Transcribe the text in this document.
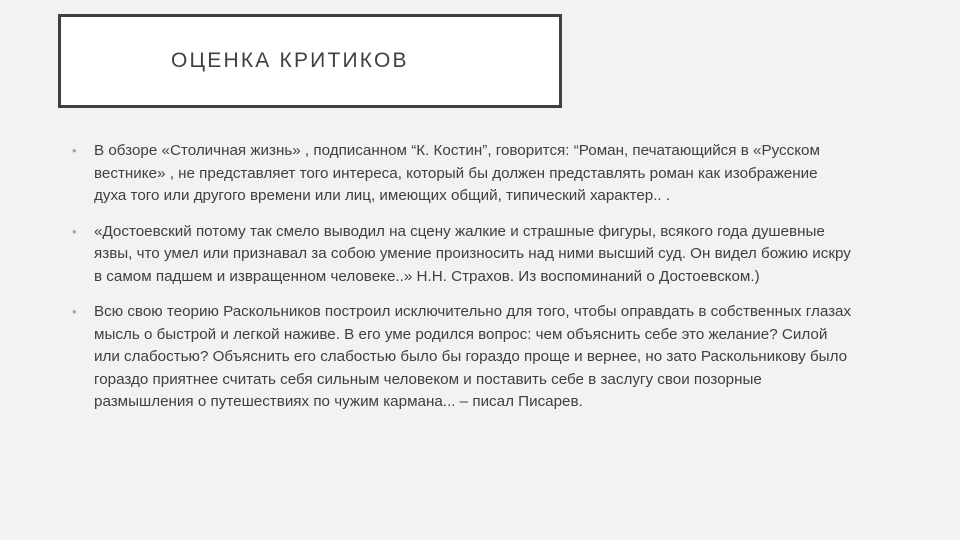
ОЦЕНКА КРИТИКОВ
• В обзоре «Столичная жизнь» , подписанном “К. Костин”, говорится: “Роман, печатающийся в «Русском вестнике» , не представляет того интереса, который бы должен представлять роман как изображение духа того или другого времени или лиц, имеющих общий, типический характер.. .
• «Достоевский потому так смело выводил на сцену жалкие и страшные фигуры, всякого года душевные язвы, что умел или признавал за собою умение произносить над ними высший суд. Он видел божию искру в самом падшем и извращенном человеке..» Н.Н. Страхов. Из воспоминаний о Достоевском.)
• Всю свою теорию Раскольников построил исключительно для того, чтобы оправдать в собственных глазах мысль о быстрой и легкой наживе. В его уме родился вопрос: чем объяснить себе это желание? Силой или слабостью? Объяснить его слабостью было бы гораздо проще и вернее, но зато Раскольникову было гораздо приятнее считать себя сильным человеком и поставить себе в заслугу свои позорные размышления о путешествиях по чужим кармана... – писал Писарев.
